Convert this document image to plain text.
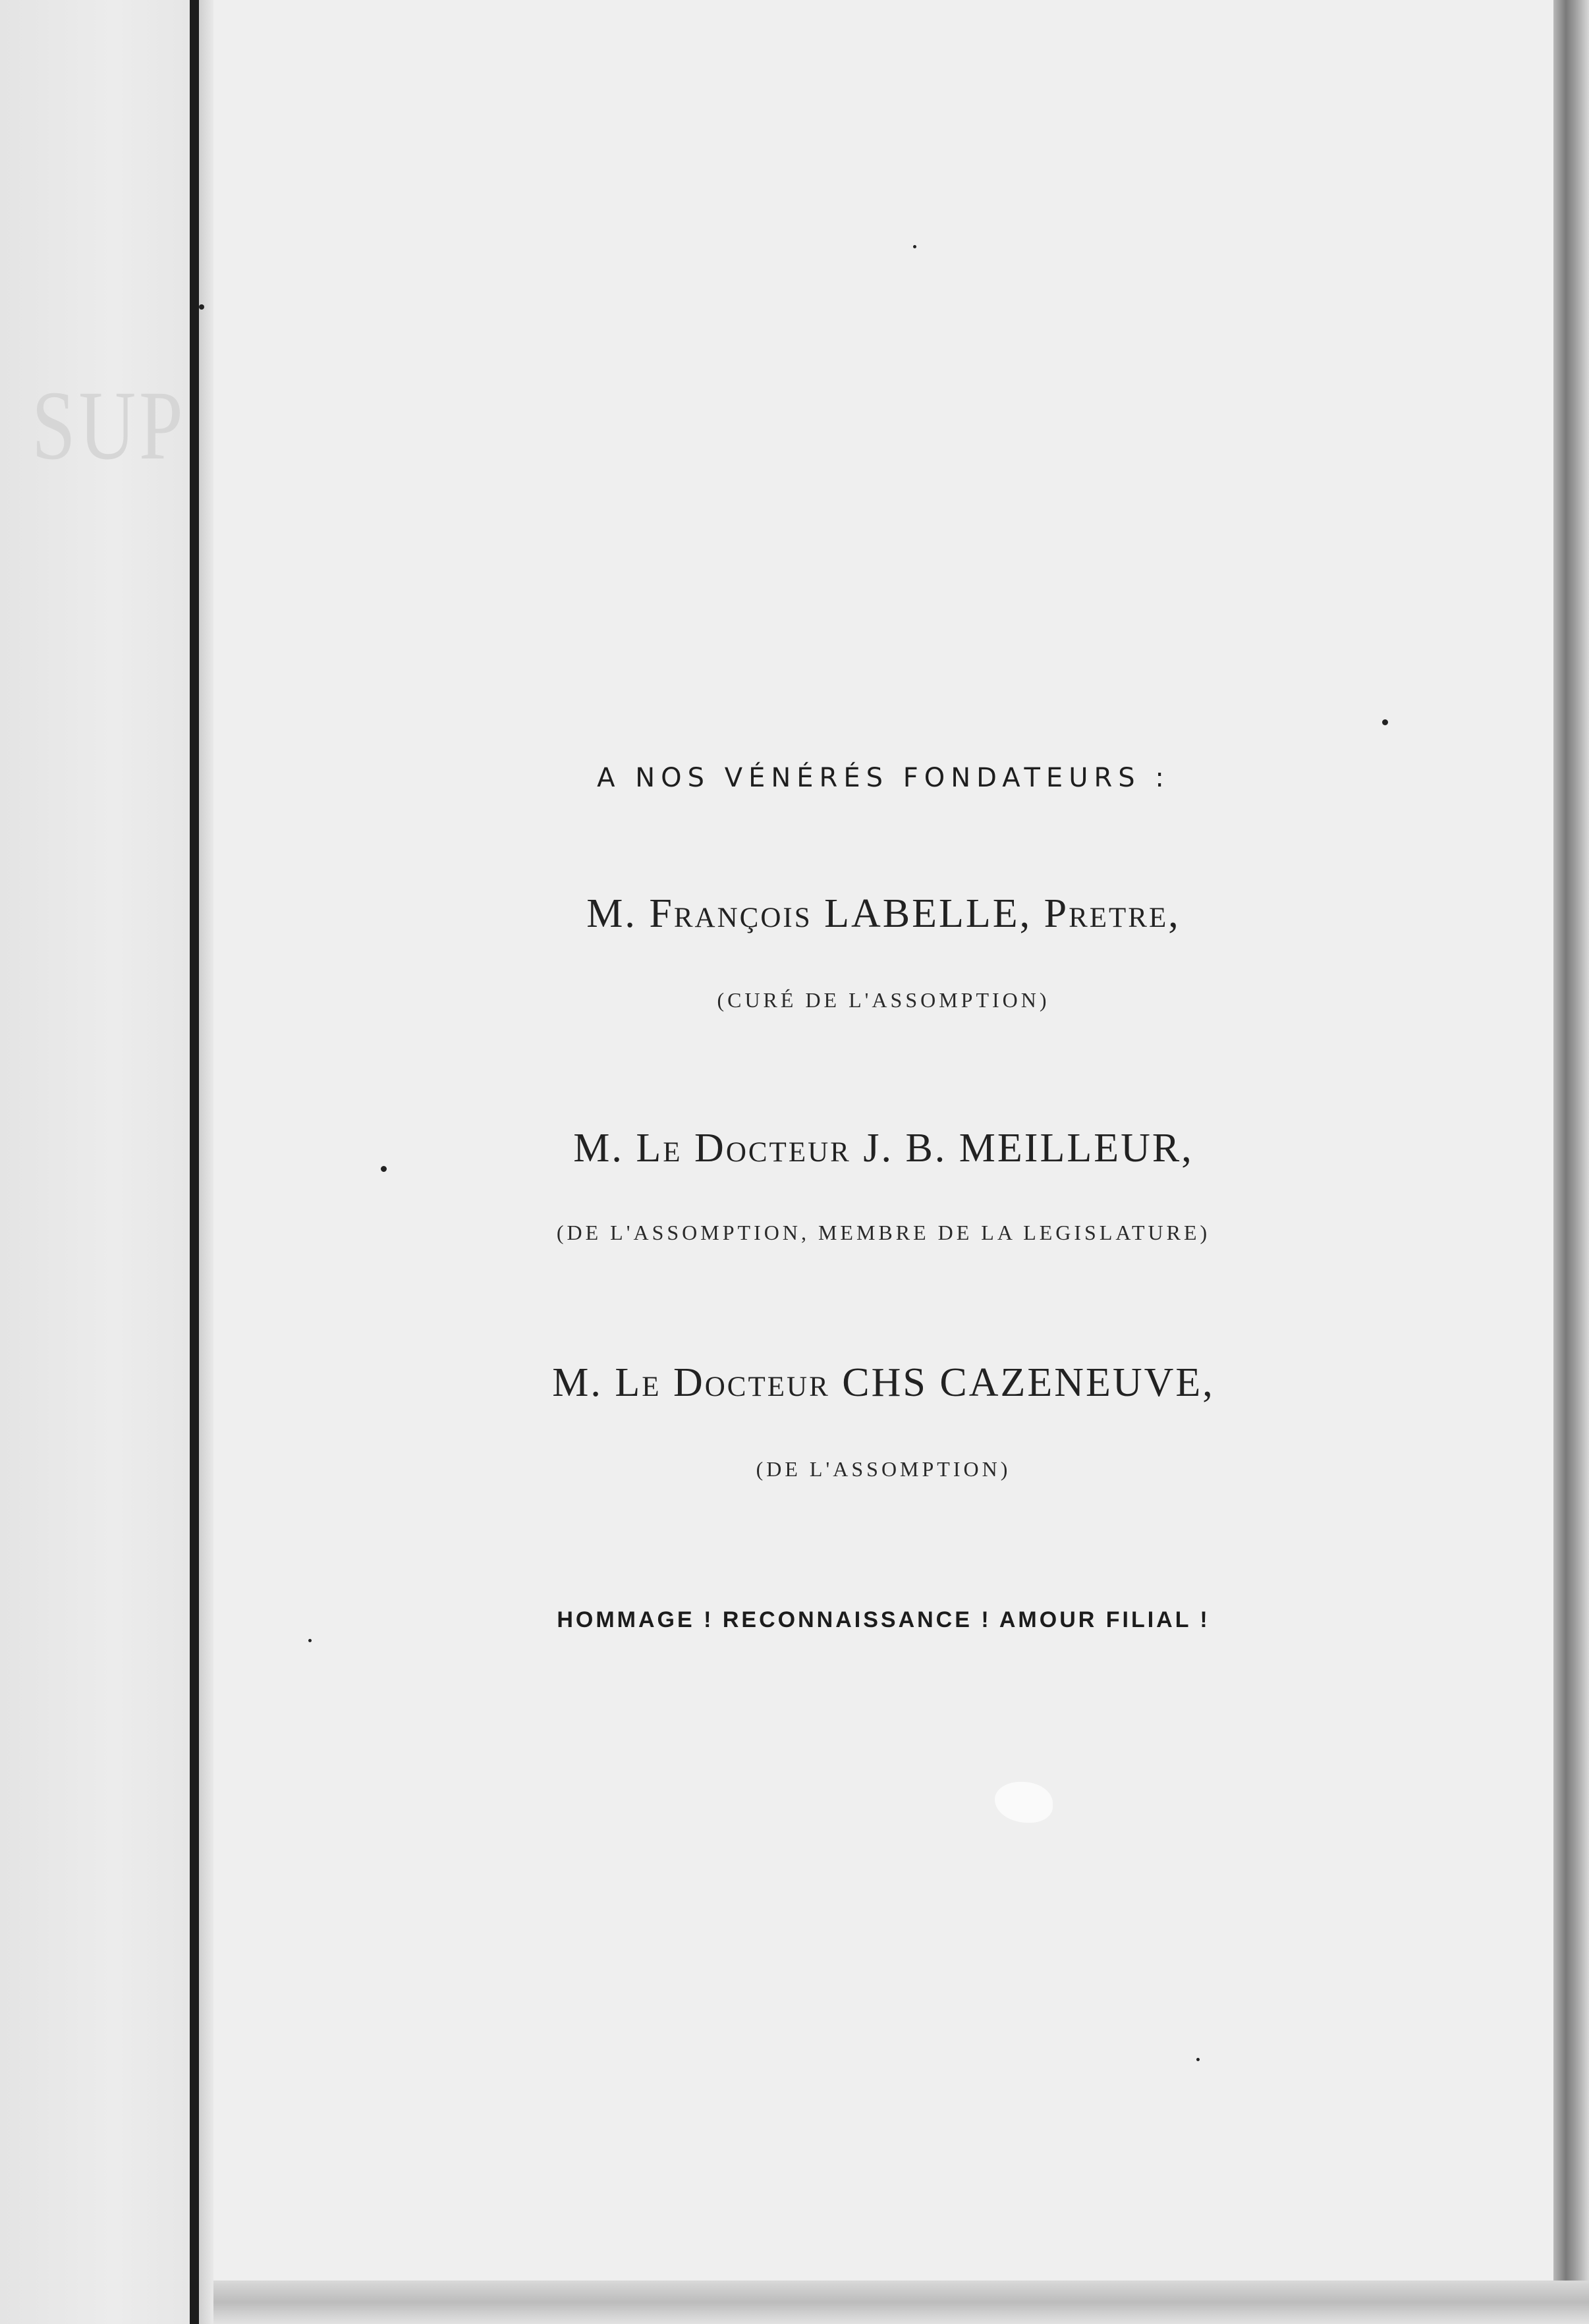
SUP
A NOS VÉNÉRÉS FONDATEURS :
M. François LABELLE, Pretre,
(CURÉ DE L'ASSOMPTION)
M. Le Docteur J. B. MEILLEUR,
(DE L'ASSOMPTION, MEMBRE DE LA LEGISLATURE)
M. Le Docteur CHS CAZENEUVE,
(DE L'ASSOMPTION)
HOMMAGE ! RECONNAISSANCE ! AMOUR FILIAL !
